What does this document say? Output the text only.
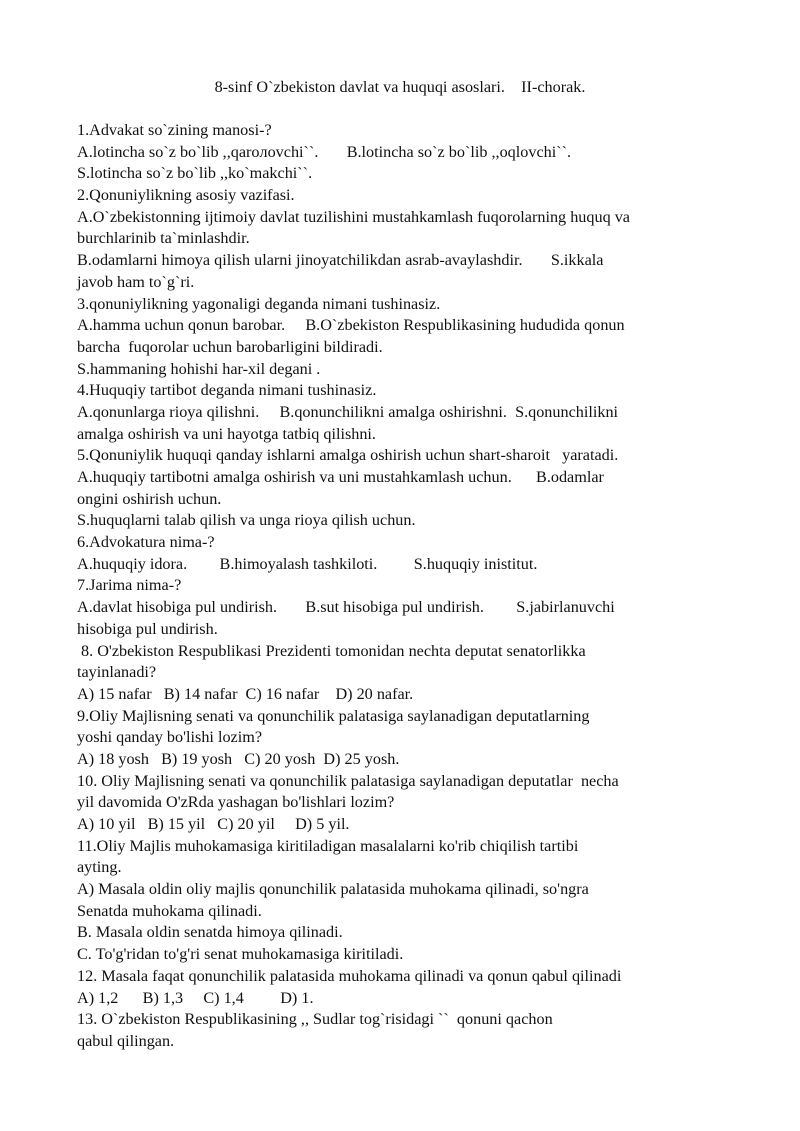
8-sinf O`zbekiston davlat va huquqi asoslari.    II-chorak.
1.Advakat so`zining manosi-?
A.lotincha so`z bo`lib ,,qaroлovchi``.       B.lotincha so`z bo`lib ,,oqlovchi``.
S.lotincha so`z bo`lib ,,ko`makchi``.
2.Qonuniylikning asosiy vazifasi.
A.O`zbekistonning ijtimoiy davlat tuzilishini mustahkamlash fuqorolarning huquq va
burchlarinib ta`minlashdir.
B.odamlarni himoya qilish ularni jinoyatchilikdan asrab-avaylashdir.       S.ikkala
javob ham to`g`ri.
3.qonuniylikning yagonaligi deganda nimani tushinasiz.
A.hamma uchun qonun barobar.     B.O`zbekiston Respublikasining hududida qonun
barcha  fuqorolar uchun barobarligini bildiradi.
S.hammaning hohishi har-xil degani .
4.Huquqiy tartibot deganda nimani tushinasiz.
A.qonunlarga rioya qilishni.     B.qonunchilikni amalga oshirishni.  S.qonunchilikni
amalga oshirish va uni hayotga tatbiq qilishni.
5.Qonuniylik huquqi qanday ishlarni amalga oshirish uchun shart-sharoit   yaratadi.
A.huquqiy tartibotni amalga oshirish va uni mustahkamlash uchun.      B.odamlar
ongini oshirish uchun.
S.huquqlarni talab qilish va unga rioya qilish uchun.
6.Advokatura nima-?
A.huquqiy idora.        B.himoyalash tashkiloti.         S.huquqiy inistitut.
7.Jarima nima-?
A.davlat hisobiga pul undirish.       B.sut hisobiga pul undirish.        S.jabirlanuvchi
hisobiga pul undirish.
8. O'zbekiston Respublikasi Prezidenti tomonidan nechta deputat senatorlikka
tayinlanadi?
A) 15 nafar   B) 14 nafar  C) 16 nafar    D) 20 nafar.
9.Oliy Majlisning senati va qonunchilik palatasiga saylanadigan deputatlarning
yoshi qanday bo'lishi lozim?
A) 18 yosh   B) 19 yosh   C) 20 yosh  D) 25 yosh.
10. Oliy Majlisning senati va qonunchilik palatasiga saylanadigan deputatlar  necha
yil davomida O'zRda yashagan bo'lishlari lozim?
A) 10 yil   B) 15 yil   C) 20 yil     D) 5 yil.
11.Oliy Majlis muhokamasiga kiritiladigan masalalarni ko'rib chiqilish tartibi
ayting.
A) Masala oldin oliy majlis qonunchilik palatasida muhokama qilinadi, so'ngra
Senatda muhokama qilinadi.
B. Masala oldin senatda himoya qilinadi.
C. To'g'ridan to'g'ri senat muhokamasiga kiritiladi.
12. Masala faqat qonunchilik palatasida muhokama qilinadi va qonun qabul qilinadi
A) 1,2      B) 1,3     C) 1,4         D) 1.
13. O`zbekiston Respublikasining ,, Sudlar tog`risidagi ``  qonuni qachon
qabul qilingan.
